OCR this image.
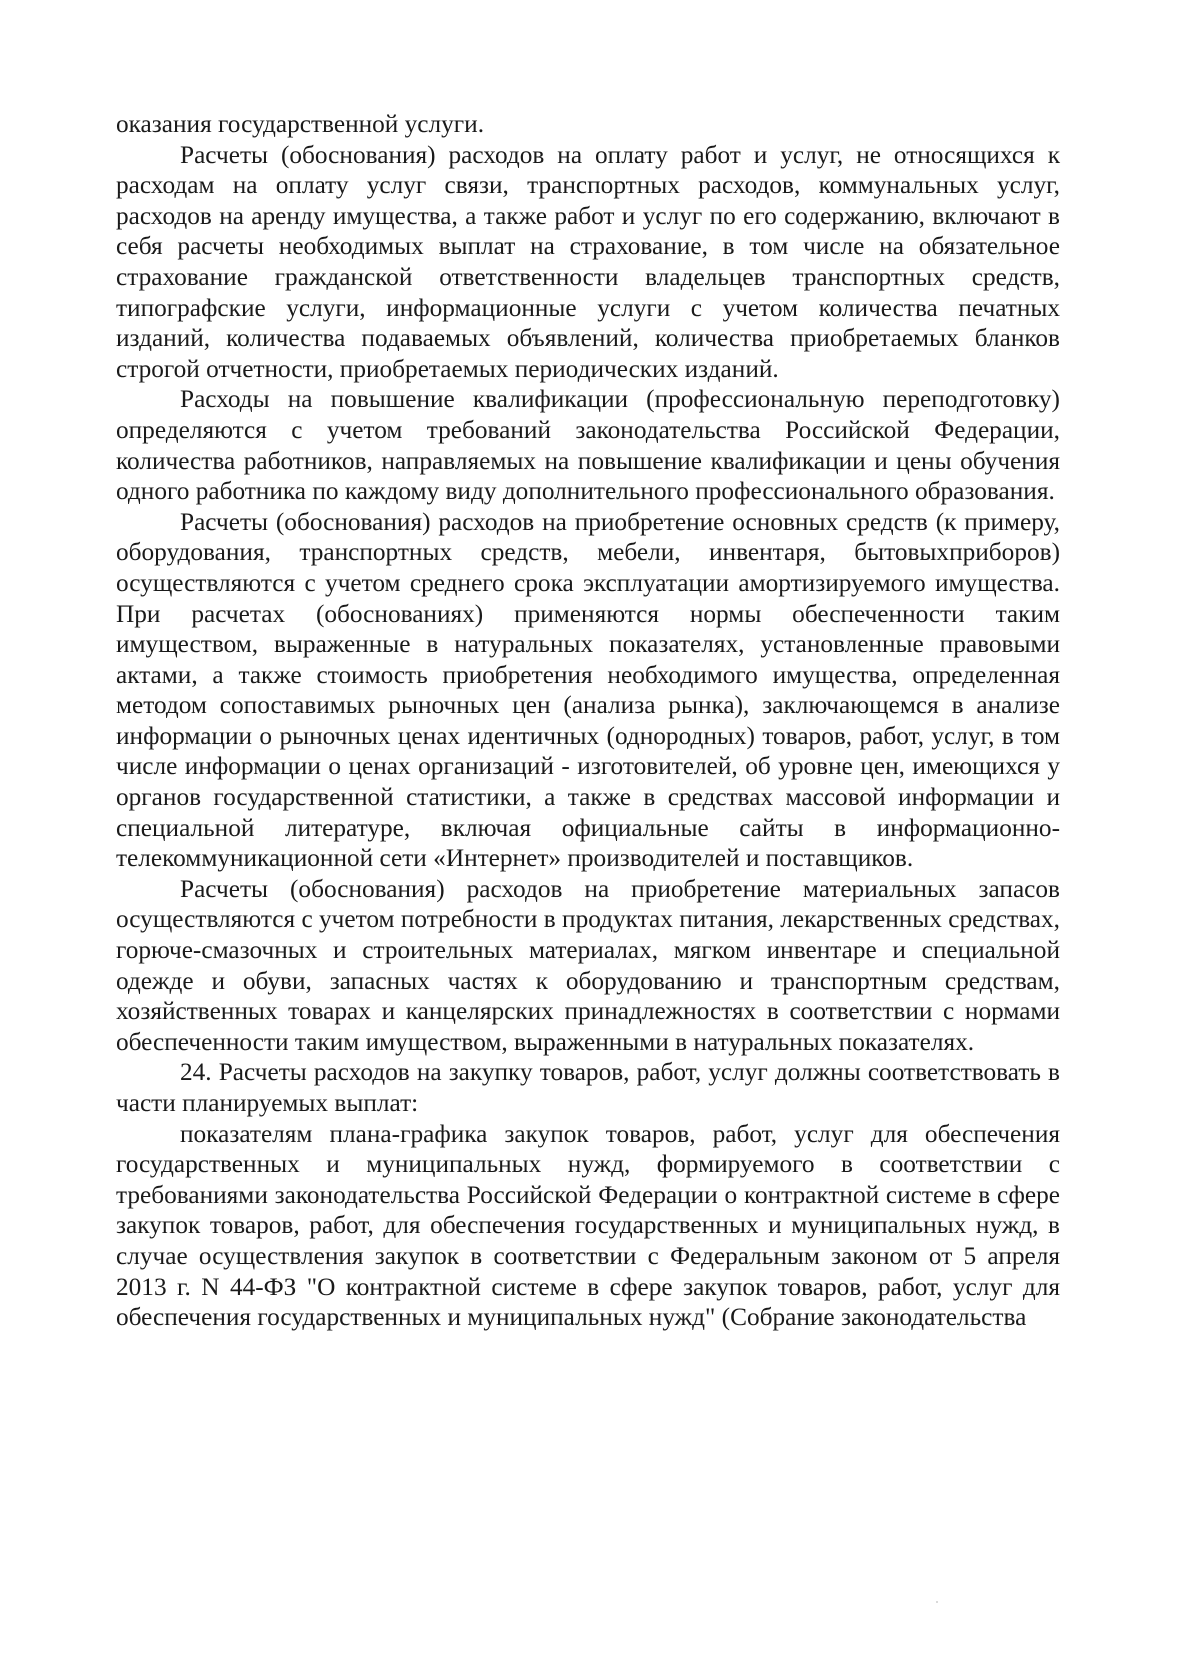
оказания государственной услуги.

Расчеты (обоснования) расходов на оплату работ и услуг, не относящихся к расходам на оплату услуг связи, транспортных расходов, коммунальных услуг, расходов на аренду имущества, а также работ и услуг по его содержанию, включают в себя расчеты необходимых выплат на страхование, в том числе на обязательное страхование гражданской ответственности владельцев транспортных средств, типографские услуги, информационные услуги с учетом количества печатных изданий, количества подаваемых объявлений, количества приобретаемых бланков строгой отчетности, приобретаемых периодических изданий.

Расходы на повышение квалификации (профессиональную переподготовку) определяются с учетом требований законодательства Российской Федерации, количества работников, направляемых на повышение квалификации и цены обучения одного работника по каждому виду дополнительного профессионального образования.

Расчеты (обоснования) расходов на приобретение основных средств (к примеру, оборудования, транспортных средств, мебели, инвентаря, бытовыхприборов) осуществляются с учетом среднего срока эксплуатации амортизируемого имущества. При расчетах (обоснованиях) применяются нормы обеспеченности таким имуществом, выраженные в натуральных показателях, установленные правовыми актами, а также стоимость приобретения необходимого имущества, определенная методом сопоставимых рыночных цен (анализа рынка), заключающемся в анализе информации о рыночных ценах идентичных (однородных) товаров, работ, услуг, в том числе информации о ценах организаций - изготовителей, об уровне цен, имеющихся у органов государственной статистики, а также в средствах массовой информации и специальной литературе, включая официальные сайты в информационно-телекоммуникационной сети «Интернет» производителей и поставщиков.

Расчеты (обоснования) расходов на приобретение материальных запасов осуществляются с учетом потребности в продуктах питания, лекарственных средствах, горюче-смазочных и строительных материалах, мягком инвентаре и специальной одежде и обуви, запасных частях к оборудованию и транспортным средствам, хозяйственных товарах и канцелярских принадлежностях в соответствии с нормами обеспеченности таким имуществом, выраженными в натуральных показателях.

24. Расчеты расходов на закупку товаров, работ, услуг должны соответствовать в части планируемых выплат:

показателям плана-графика закупок товаров, работ, услуг для обеспечения государственных и муниципальных нужд, формируемого в соответствии с требованиями законодательства Российской Федерации о контрактной системе в сфере закупок товаров, работ, для обеспечения государственных и муниципальных нужд, в случае осуществления закупок в соответствии с Федеральным законом от 5 апреля 2013 г. N 44-ФЗ "О контрактной системе в сфере закупок товаров, работ, услуг для обеспечения государственных и муниципальных нужд" (Собрание законодательства
